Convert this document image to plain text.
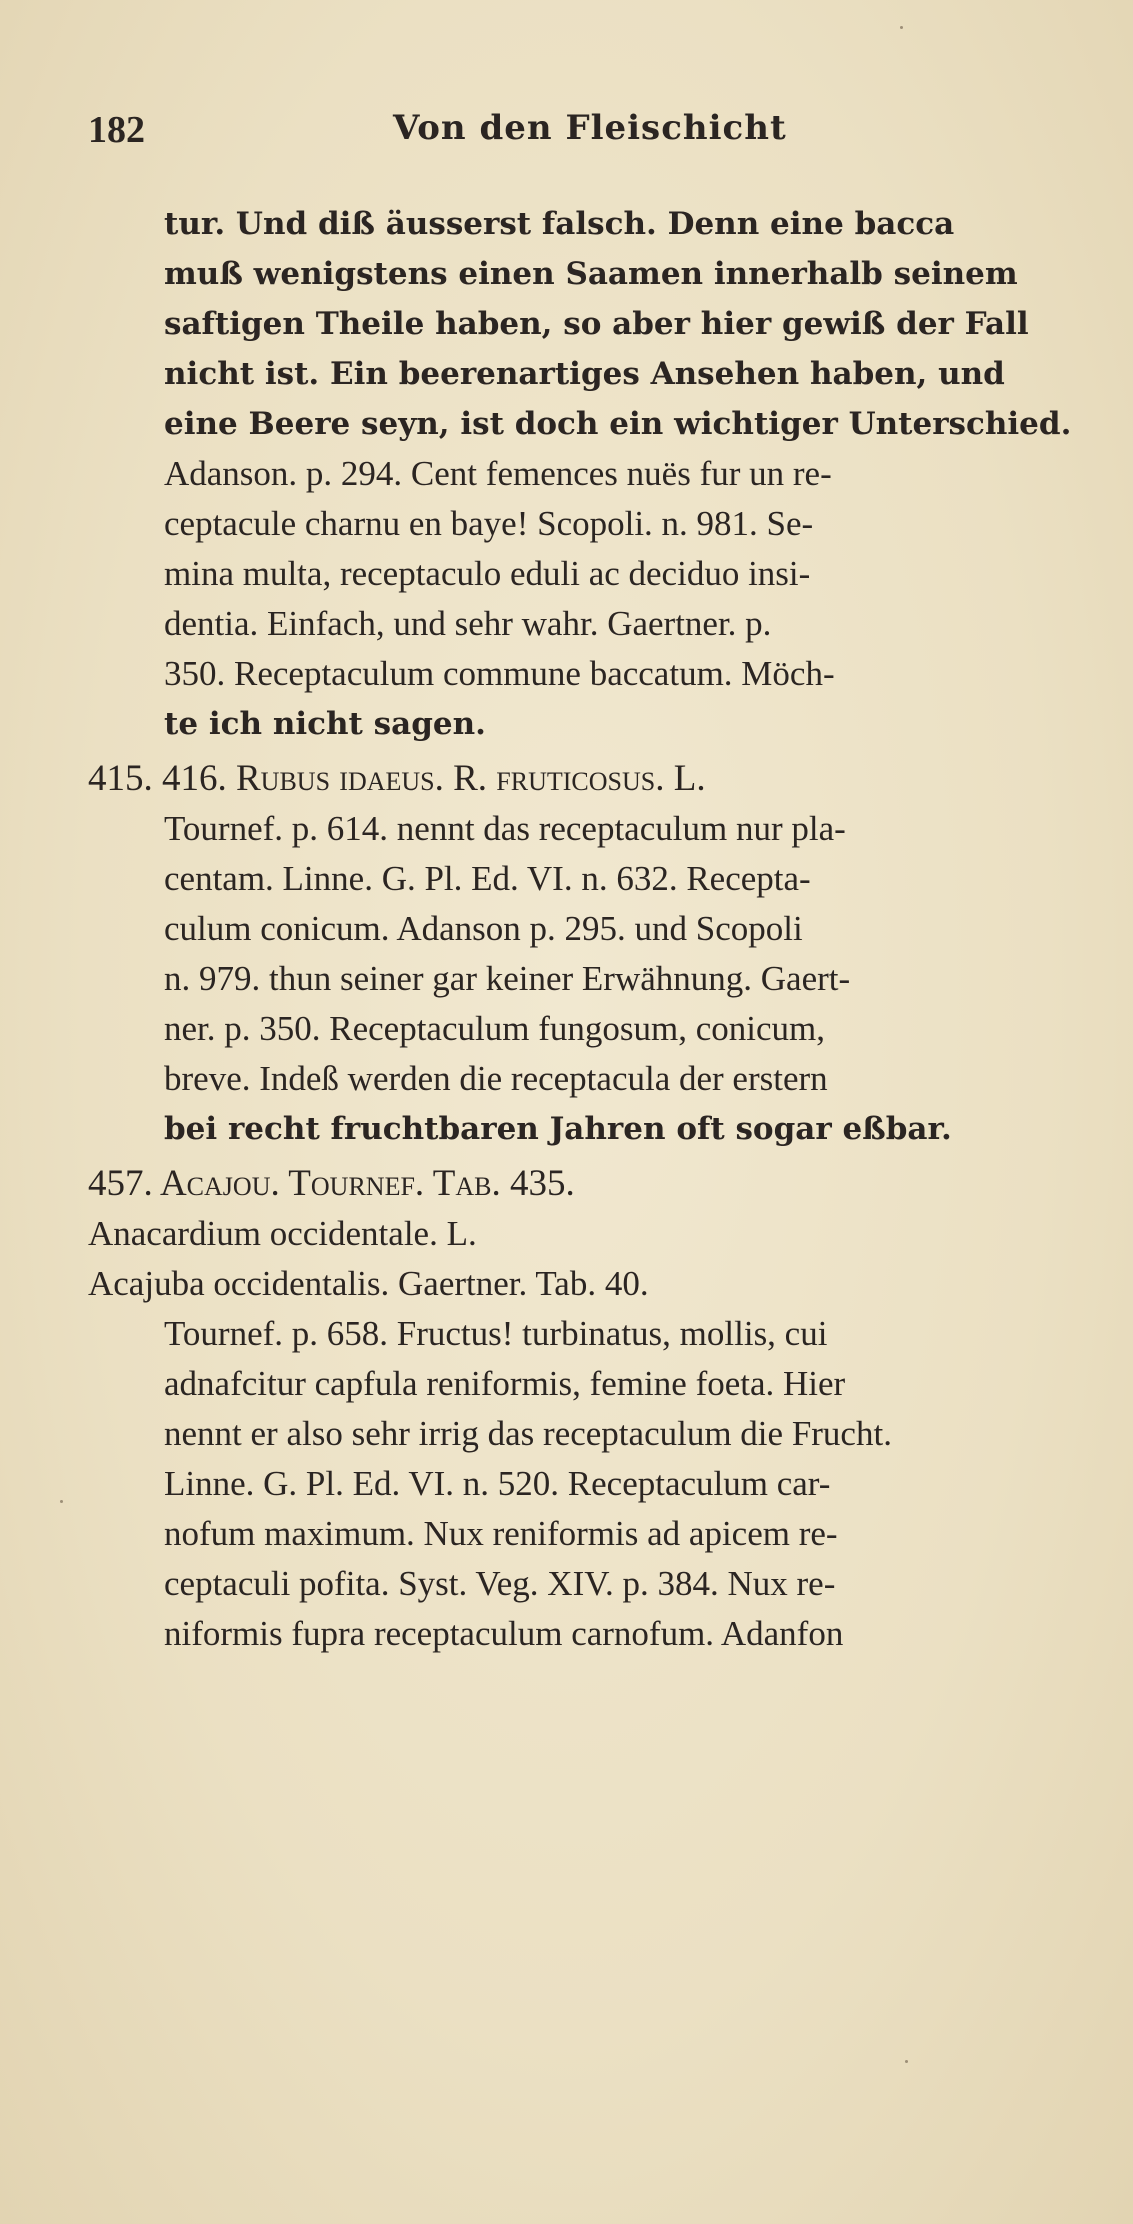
182	Von den Fleischicht
tur. Und diß äusserst falsch. Denn eine bacca
muß wenigstens einen Saamen innerhalb seinem
saftigen Theile haben, so aber hier gewiß der Fall
nicht ist. Ein beerenartiges Ansehen haben, und
eine Beere seyn, ist doch ein wichtiger Unterschied.
Adanson. p. 294. Cent femences nuës fur un re-
ceptacule charnu en baye! Scopoli. n. 981. Se-
mina multa, receptaculo eduli ac deciduo insi-
dentia. Einfach, und sehr wahr. Gaertner. p.
350. Receptaculum commune baccatum. Möch-
te ich nicht sagen.
415. 416. Rubus idaeus. R. fruticosus. L.
Tournef. p. 614. nennt das receptaculum nur pla-
centam. Linne. G. Pl. Ed. VI. n. 632. Recepta-
culum conicum. Adanson p. 295. und Scopoli
n. 979. thun seiner gar keiner Erwähnung. Gaert-
ner. p. 350. Receptaculum fungosum, conicum,
breve. Indeß werden die receptacula der erstern
bei recht fruchtbaren Jahren oft sogar eßbar.
457. Acajou. Tournef. Tab. 435.
Anacardium occidentale. L.
Acajuba occidentalis. Gaertner. Tab. 40.
Tournef. p. 658. Fructus! turbinatus, mollis, cui
adnafcitur capfula reniformis, femine foeta. Hier
nennt er also sehr irrig das receptaculum die Frucht.
Linne. G. Pl. Ed. VI. n. 520. Receptaculum car-
nofum maximum. Nux reniformis ad apicem re-
ceptaculi pofita. Syst. Veg. XIV. p. 384. Nux re-
niformis fupra receptaculum carnofum. Adanfon
